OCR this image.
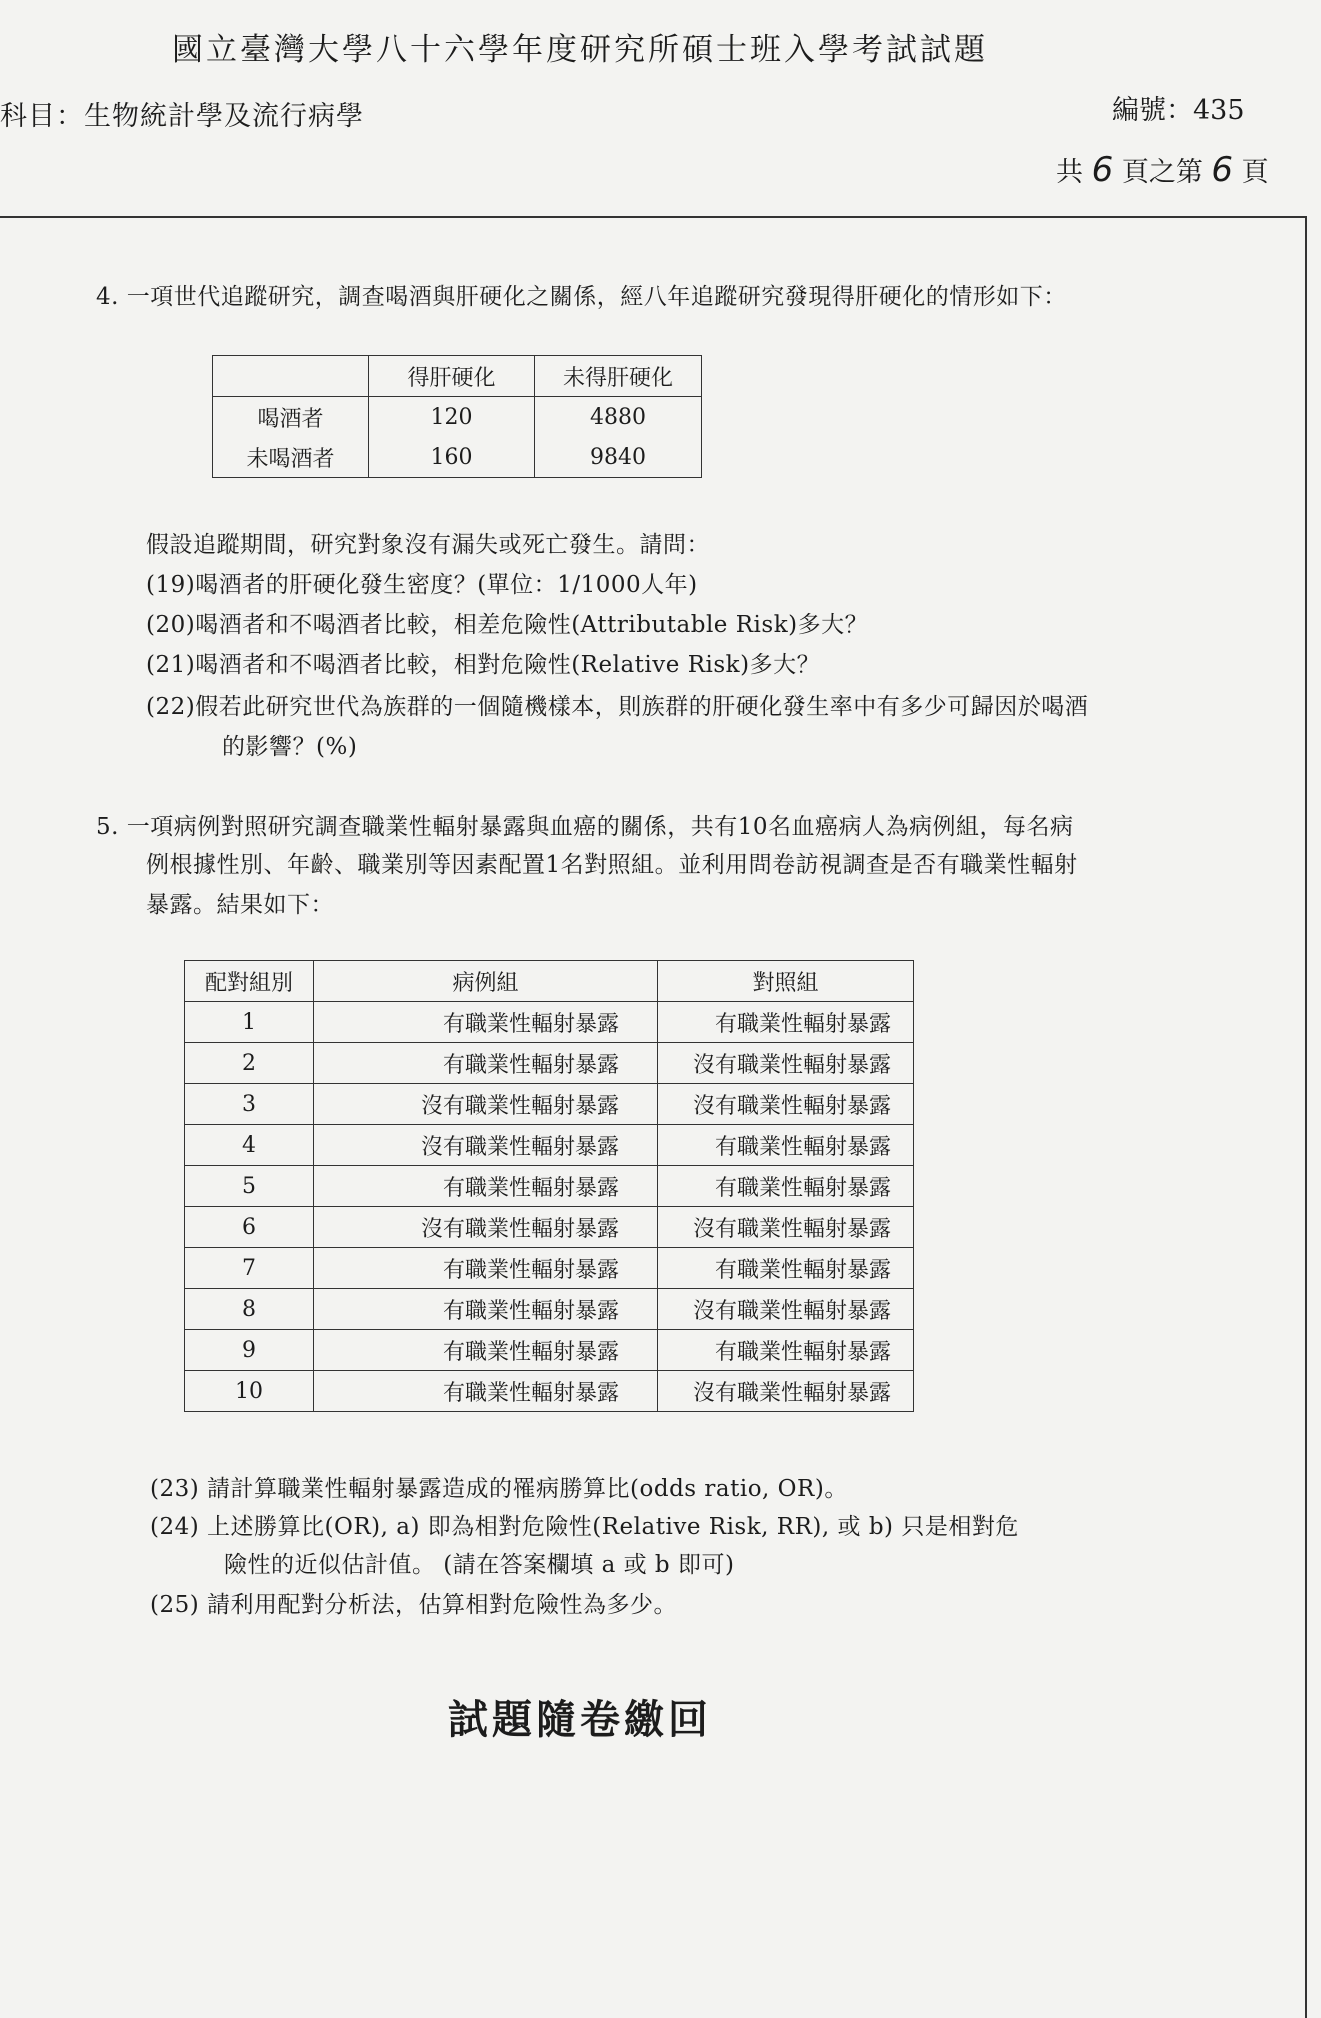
國立臺灣大學八十六學年度研究所碩士班入學考試試題
科目：生物統計學及流行病學	編號：435
共 6 頁之第 6 頁
4. 一項世代追蹤研究，調查喝酒與肝硬化之關係，經八年追蹤研究發現得肝硬化的情形如下：
	得肝硬化	未得肝硬化
喝酒者	120	4880
未喝酒者	160	9840
假設追蹤期間，研究對象沒有漏失或死亡發生。請問：
(19)喝酒者的肝硬化發生密度？(單位：1/1000人年)
(20)喝酒者和不喝酒者比較，相差危險性(Attributable Risk)多大？
(21)喝酒者和不喝酒者比較，相對危險性(Relative Risk)多大？
(22)假若此研究世代為族群的一個隨機樣本，則族群的肝硬化發生率中有多少可歸因於喝酒
的影響？(%)
5. 一項病例對照研究調查職業性輻射暴露與血癌的關係，共有10名血癌病人為病例組，每名病
例根據性別、年齡、職業別等因素配置1名對照組。並利用問卷訪視調查是否有職業性輻射
暴露。結果如下：
配對組別	病例組	對照組
1	有職業性輻射暴露	有職業性輻射暴露
2	有職業性輻射暴露	沒有職業性輻射暴露
3	沒有職業性輻射暴露	沒有職業性輻射暴露
4	沒有職業性輻射暴露	有職業性輻射暴露
5	有職業性輻射暴露	有職業性輻射暴露
6	沒有職業性輻射暴露	沒有職業性輻射暴露
7	有職業性輻射暴露	有職業性輻射暴露
8	有職業性輻射暴露	沒有職業性輻射暴露
9	有職業性輻射暴露	有職業性輻射暴露
10	有職業性輻射暴露	沒有職業性輻射暴露
(23) 請計算職業性輻射暴露造成的罹病勝算比(odds ratio, OR)。
(24) 上述勝算比(OR), a) 即為相對危險性(Relative Risk, RR), 或 b) 只是相對危
險性的近似估計值。 (請在答案欄填 a 或 b 即可)
(25) 請利用配對分析法，估算相對危險性為多少。
試題隨卷繳回
